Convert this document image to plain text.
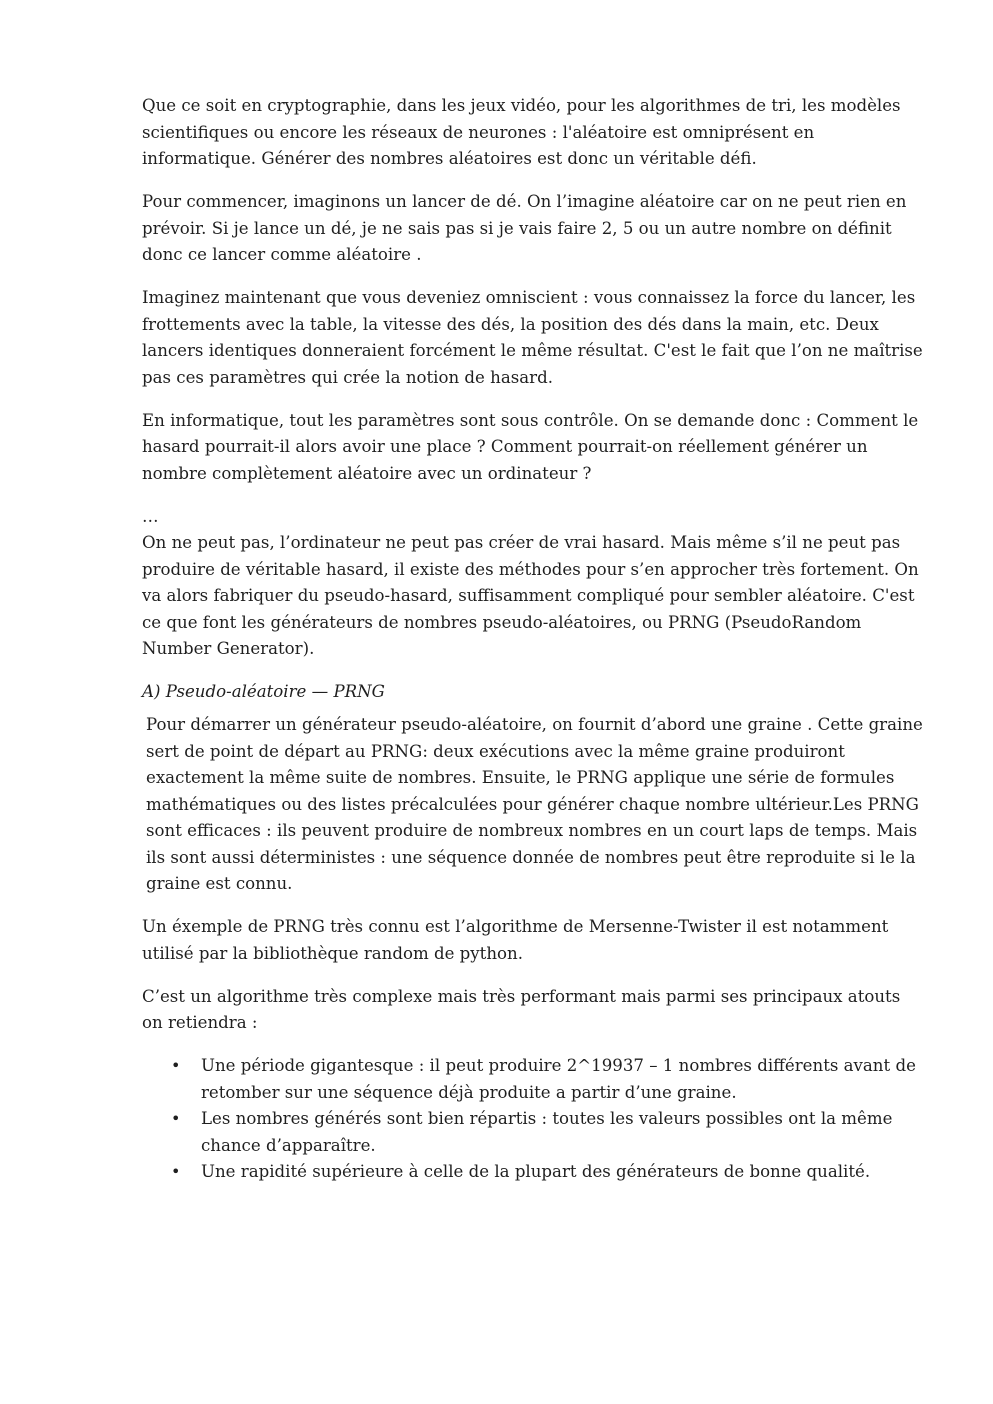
Que ce soit en cryptographie, dans les jeux vidéo, pour les algorithmes de tri, les modèles scientifiques ou encore les réseaux de neurones : l'aléatoire est omniprésent en informatique. Générer des nombres aléatoires est donc un véritable défi.

Pour commencer, imaginons un lancer de dé. On l’imagine aléatoire car on ne peut rien en prévoir. Si je lance un dé, je ne sais pas si je vais faire 2, 5 ou un autre nombre on définit donc ce lancer comme aléatoire .

Imaginez maintenant que vous deveniez omniscient : vous connaissez la force du lancer, les frottements avec la table, la vitesse des dés, la position des dés dans la main, etc. Deux lancers identiques donneraient forcément le même résultat. C'est le fait que l’on ne maîtrise pas ces paramètres qui crée la notion de hasard.

En informatique, tout les paramètres sont sous contrôle. On se demande donc : Comment le hasard pourrait-il alors avoir une place ? Comment pourrait-on réellement générer un nombre complètement aléatoire avec un ordinateur ?

…

On ne peut pas, l’ordinateur ne peut pas créer de vrai hasard. Mais même s’il ne peut pas produire de véritable hasard, il existe des méthodes pour s’en approcher très fortement. On va alors fabriquer du pseudo-hasard, suffisamment compliqué pour sembler aléatoire. C'est ce que font les générateurs de nombres pseudo-aléatoires, ou PRNG (PseudoRandom Number Generator).

A) Pseudo-aléatoire — PRNG

Pour démarrer un générateur pseudo-aléatoire, on fournit d’abord une graine . Cette graine sert de point de départ au PRNG: deux exécutions avec la même graine produiront exactement la même suite de nombres. Ensuite, le PRNG applique une série de formules mathématiques ou des listes précalculées pour générer chaque nombre ultérieur.Les PRNG sont efficaces : ils peuvent produire de nombreux nombres en un court laps de temps. Mais ils sont aussi déterministes : une séquence donnée de nombres peut être reproduite si le la graine est connu.

Un éxemple de PRNG très connu est l’algorithme de Mersenne-Twister il est notamment utilisé par la bibliothèque random de python.

C’est un algorithme très complexe mais très performant mais parmi ses principaux atouts on retiendra :

• Une période gigantesque : il peut produire 2^19937 – 1 nombres différents avant de retomber sur une séquence déjà produite a partir d’une graine.
• Les nombres générés sont bien répartis : toutes les valeurs possibles ont la même chance d’apparaître.
• Une rapidité supérieure à celle de la plupart des générateurs de bonne qualité.
